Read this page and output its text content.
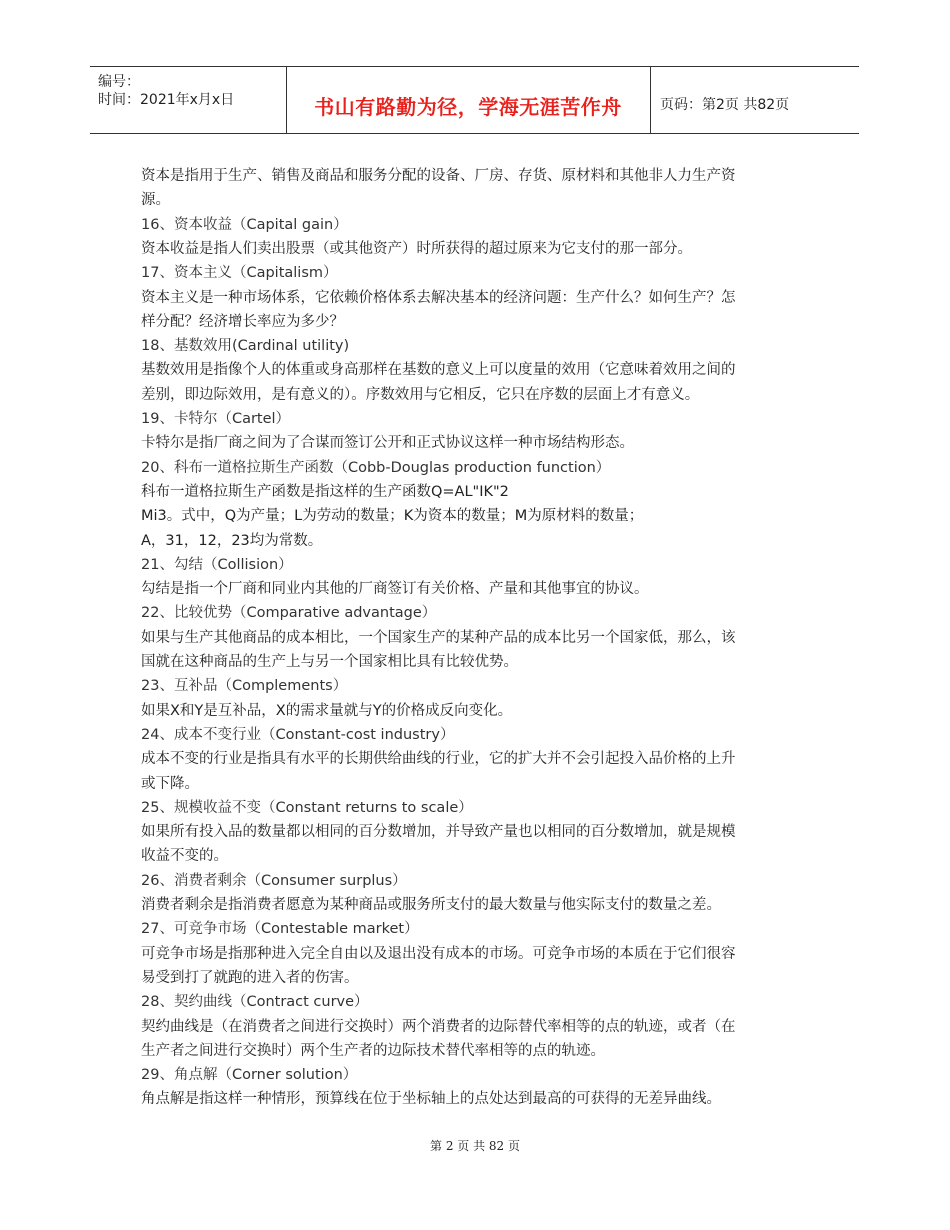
编号：
时间：2021年x月x日	书山有路勤为径，学海无涯苦作舟	页码：第2页 共82页
资本是指用于生产、销售及商品和服务分配的设备、厂房、存货、原材料和其他非人力生产资
源。
16、资本收益（Capital gain）
资本收益是指人们卖出股票（或其他资产）时所获得的超过原来为它支付的那一部分。
17、资本主义（Capitalism）
资本主义是一种市场体系，它依赖价格体系去解决基本的经济问题：生产什么？如何生产？怎
样分配？经济增长率应为多少？
18、基数效用(Cardinal utility)
基数效用是指像个人的体重或身高那样在基数的意义上可以度量的效用（它意味着效用之间的
差别，即边际效用，是有意义的）。序数效用与它相反，它只在序数的层面上才有意义。
19、卡特尔（Cartel）
卡特尔是指厂商之间为了合谋而签订公开和正式协议这样一种市场结构形态。
20、科布一道格拉斯生产函数（Cobb-Douglas production function）
科布一道格拉斯生产函数是指这样的生产函数Q=AL"IK"2
Mi3。式中，Q为产量；L为劳动的数量；K为资本的数量；M为原材料的数量；
A，31，12，23均为常数。
21、勾结（Collision）
勾结是指一个厂商和同业内其他的厂商签订有关价格、产量和其他事宜的协议。
22、比较优势（Comparative advantage）
如果与生产其他商品的成本相比，一个国家生产的某种产品的成本比另一个国家低，那么，该
国就在这种商品的生产上与另一个国家相比具有比较优势。
23、互补品（Complements）
如果X和Y是互补品，X的需求量就与Y的价格成反向变化。
24、成本不变行业（Constant-cost industry）
成本不变的行业是指具有水平的长期供给曲线的行业，它的扩大并不会引起投入品价格的上升
或下降。
25、规模收益不变（Constant returns to scale）
如果所有投入品的数量都以相同的百分数增加，并导致产量也以相同的百分数增加，就是规模
收益不变的。
26、消费者剩余（Consumer surplus）
消费者剩余是指消费者愿意为某种商品或服务所支付的最大数量与他实际支付的数量之差。
27、可竞争市场（Contestable market）
可竞争市场是指那种进入完全自由以及退出没有成本的市场。可竞争市场的本质在于它们很容
易受到打了就跑的进入者的伤害。
28、契约曲线（Contract curve）
契约曲线是（在消费者之间进行交换时）两个消费者的边际替代率相等的点的轨迹，或者（在
生产者之间进行交换时）两个生产者的边际技术替代率相等的点的轨迹。
29、角点解（Corner solution）
角点解是指这样一种情形，预算线在位于坐标轴上的点处达到最高的可获得的无差异曲线。
第 2 页 共 82 页
